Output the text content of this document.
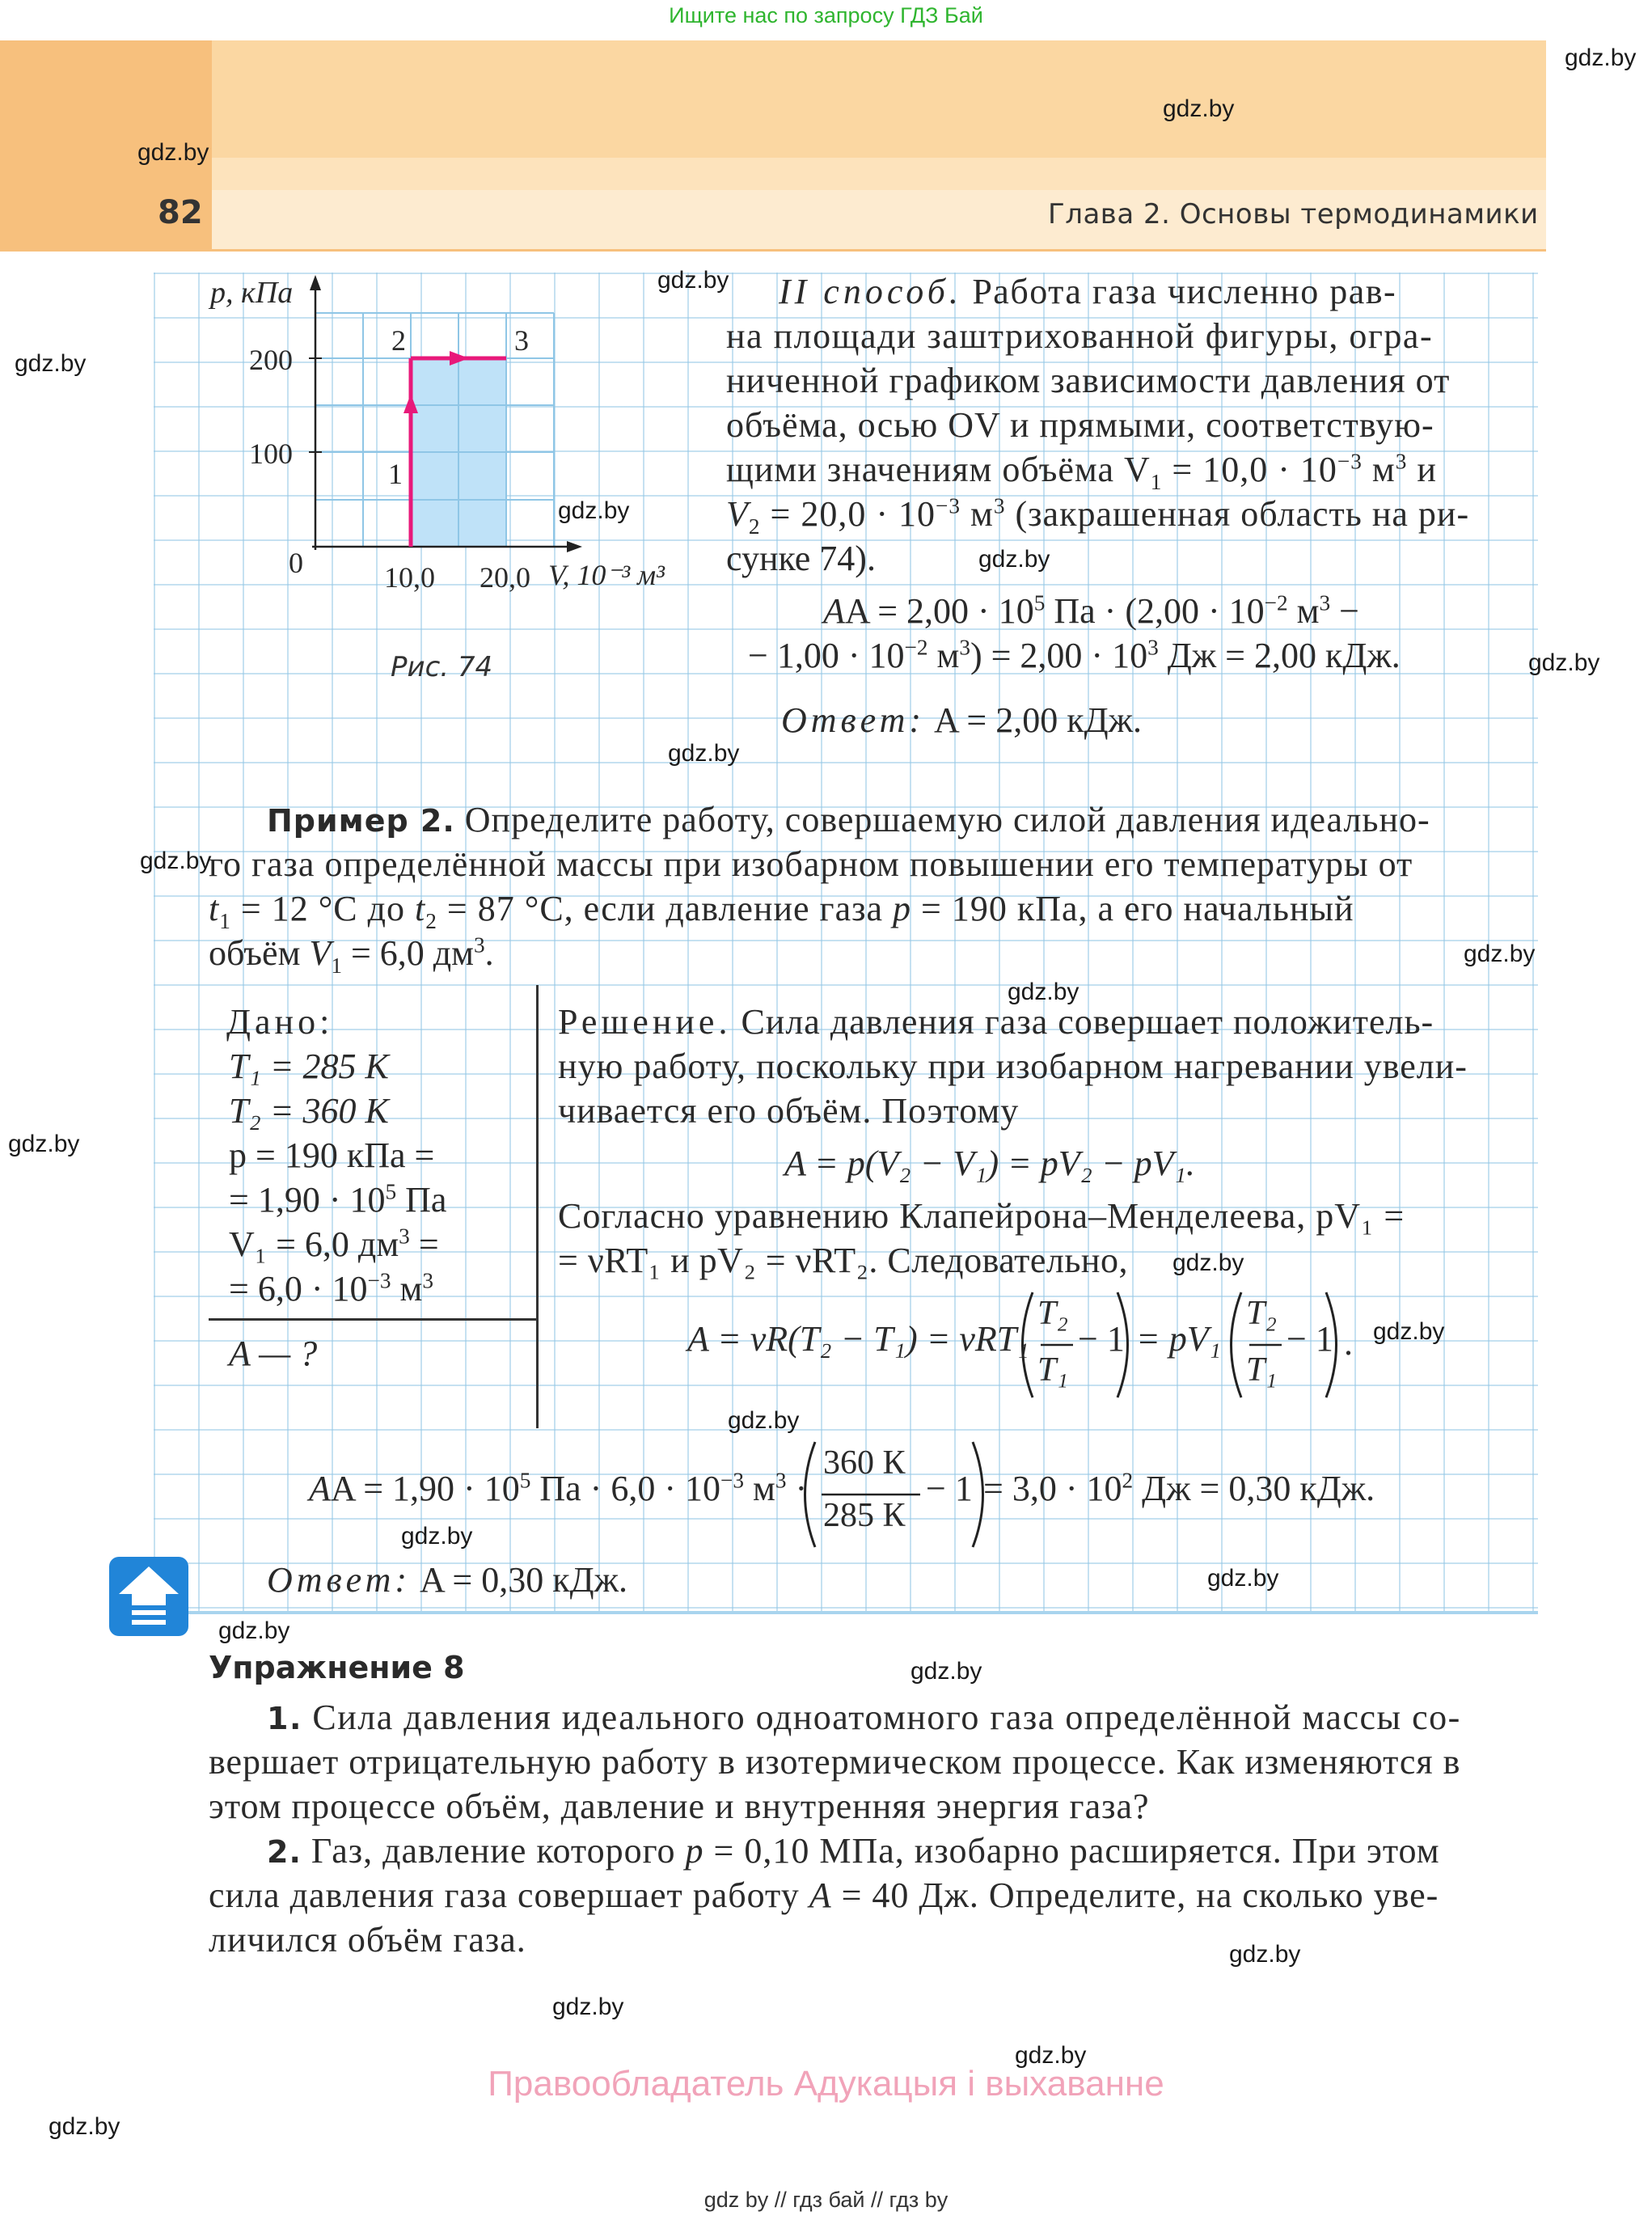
Ищите нас по запросу ГДЗ Бай
82	Глава 2. Основы термодинамики
p, кПа
200
100
0	10,0 20,0 V, 10⁻³ м³
1
2	3
Рис. 74
II способ. Работа газа численно рав-
на площади заштрихованной фигуры, огра-
ниченной графиком зависимости давления от
объёма, осью OV и прямыми, соответствую-
щими значениям объёма $V_1 = 10,0 \cdot 10^{-3}$ $м^3$ и
$V_2 = 20,0 \cdot 10^{-3}$ $м^3$ (закрашенная область на ри-
сунке 74).
AA = $2,00 \cdot 10^5$ Па · ($2,00 \cdot 10^{-2}$ $м^3$ −
− $1,00 \cdot 10^{-2}$ $м^3) = 2,00 \cdot 10^3$ Дж = 2,00 кДж.
Ответ: A = 2,00 кДж.
Пример 2. Определите работу, совершаемую силой давления идеально-
го газа определённой массы при изобарном повышении его температуры от
$t_1 = 12$ °С до $t_2 = 87$ °С, если давление газа p = 190 кПа, а его начальный
объём $V_1 = 6,0$ $дм^3$.
Дано:
T₁ = 285 К
T₂ = 360 К
p = 190 кПа =
= $1,90 \cdot 10^5$ Па
V₁ = 6,0 $дм^3$ =
= $6,0 \cdot 10^{-3}$ $м^3$
A — ?
Решение. Сила давления газа совершает положитель-
ную работу, поскольку при изобарном нагревании увели-
чивается его объём. Поэтому
A = p(V₂ − V₁) = pV₂ − pV₁.
Согласно уравнению Клапейрона–Менделеева, pV₁ =
= νRT₁ и pV₂ = νRT₂. Следовательно,
A = νR(T₂ − T₁) = νRT₁
T₂
T₁
− 1 = pV₁
T₂
T₁
− 1 .
AA = $1,90 \cdot 10^5$ Па · $6,0 \cdot 10^{-3}$ $м^3$ ·
360 К
285 К
− $1 = 3,0 \cdot 10^2$ Дж = 0,30 кДж.
Ответ: A = 0,30 кДж.
Упражнение 8
1. Сила давления идеального одноатомного газа определённой массы со-
вершает отрицательную работу в изотермическом процессе. Как изменяются в
этом процессе объём, давление и внутренняя энергия газа?
2. Газ, давление которого p = 0,10 МПа, изобарно расширяется. При этом
сила давления газа совершает работу A = 40 Дж. Определите, на сколько уве-
личился объём газа.
Правообладатель Адукацыя і выхаванне
gdz by // гдз бай // гдз by
gdz.by
gdz.by
gdz.by
gdz.by
gdz.by
gdz.by
gdz.by
gdz.by
gdz.by
gdz.by
gdz.by
gdz.by
gdz.by
gdz.by
gdz.by
gdz.by
gdz.by
gdz.by
gdz.by
gdz.by
gdz.by
gdz.by
gdz.by
gdz.by
